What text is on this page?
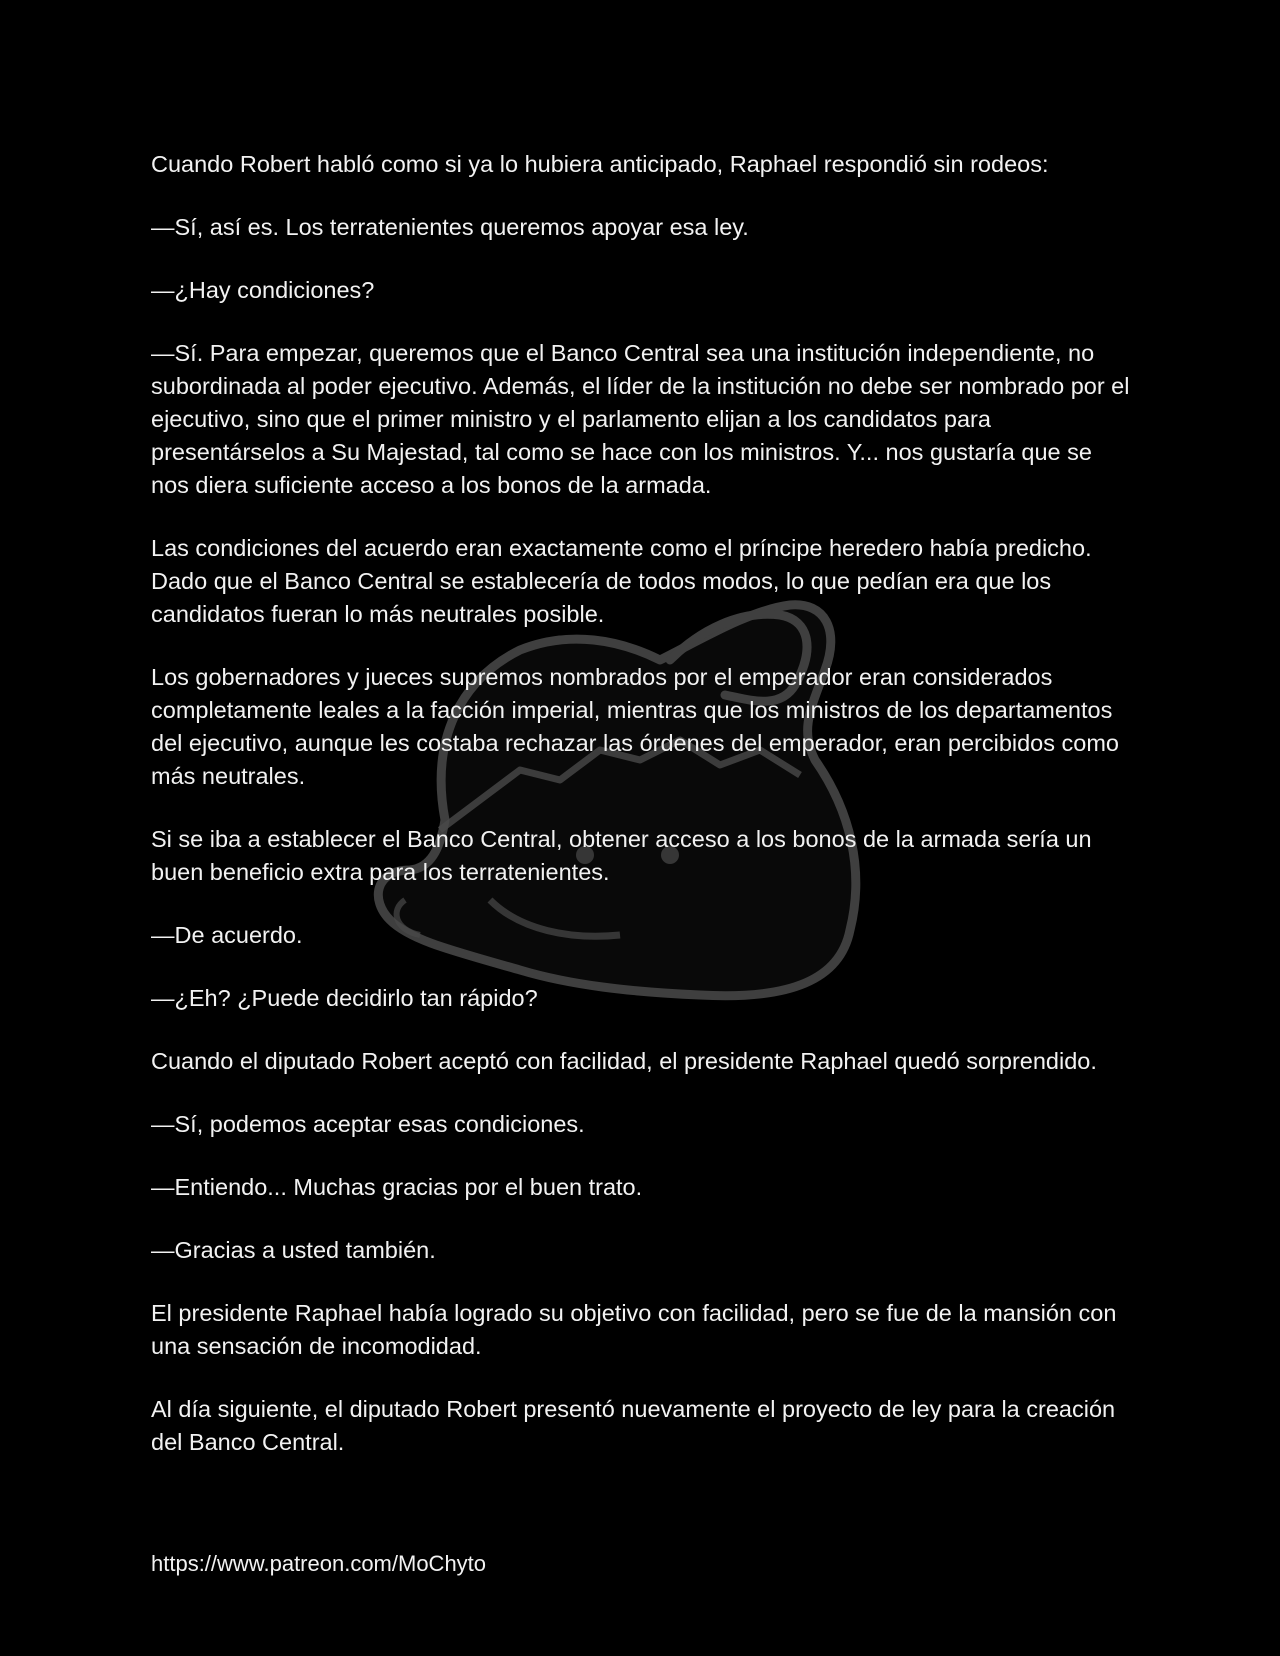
Cuando Robert habló como si ya lo hubiera anticipado, Raphael respondió sin rodeos:

—Sí, así es. Los terratenientes queremos apoyar esa ley.

—¿Hay condiciones?

—Sí. Para empezar, queremos que el Banco Central sea una institución independiente, no subordinada al poder ejecutivo. Además, el líder de la institución no debe ser nombrado por el ejecutivo, sino que el primer ministro y el parlamento elijan a los candidatos para presentárselos a Su Majestad, tal como se hace con los ministros. Y... nos gustaría que se nos diera suficiente acceso a los bonos de la armada.

Las condiciones del acuerdo eran exactamente como el príncipe heredero había predicho. Dado que el Banco Central se establecería de todos modos, lo que pedían era que los candidatos fueran lo más neutrales posible.

Los gobernadores y jueces supremos nombrados por el emperador eran considerados completamente leales a la facción imperial, mientras que los ministros de los departamentos del ejecutivo, aunque les costaba rechazar las órdenes del emperador, eran percibidos como más neutrales.

Si se iba a establecer el Banco Central, obtener acceso a los bonos de la armada sería un buen beneficio extra para los terratenientes.

—De acuerdo.

—¿Eh? ¿Puede decidirlo tan rápido?

Cuando el diputado Robert aceptó con facilidad, el presidente Raphael quedó sorprendido.

—Sí, podemos aceptar esas condiciones.

—Entiendo... Muchas gracias por el buen trato.

—Gracias a usted también.

El presidente Raphael había logrado su objetivo con facilidad, pero se fue de la mansión con una sensación de incomodidad.

Al día siguiente, el diputado Robert presentó nuevamente el proyecto de ley para la creación del Banco Central.

https://www.patreon.com/MoChyto
